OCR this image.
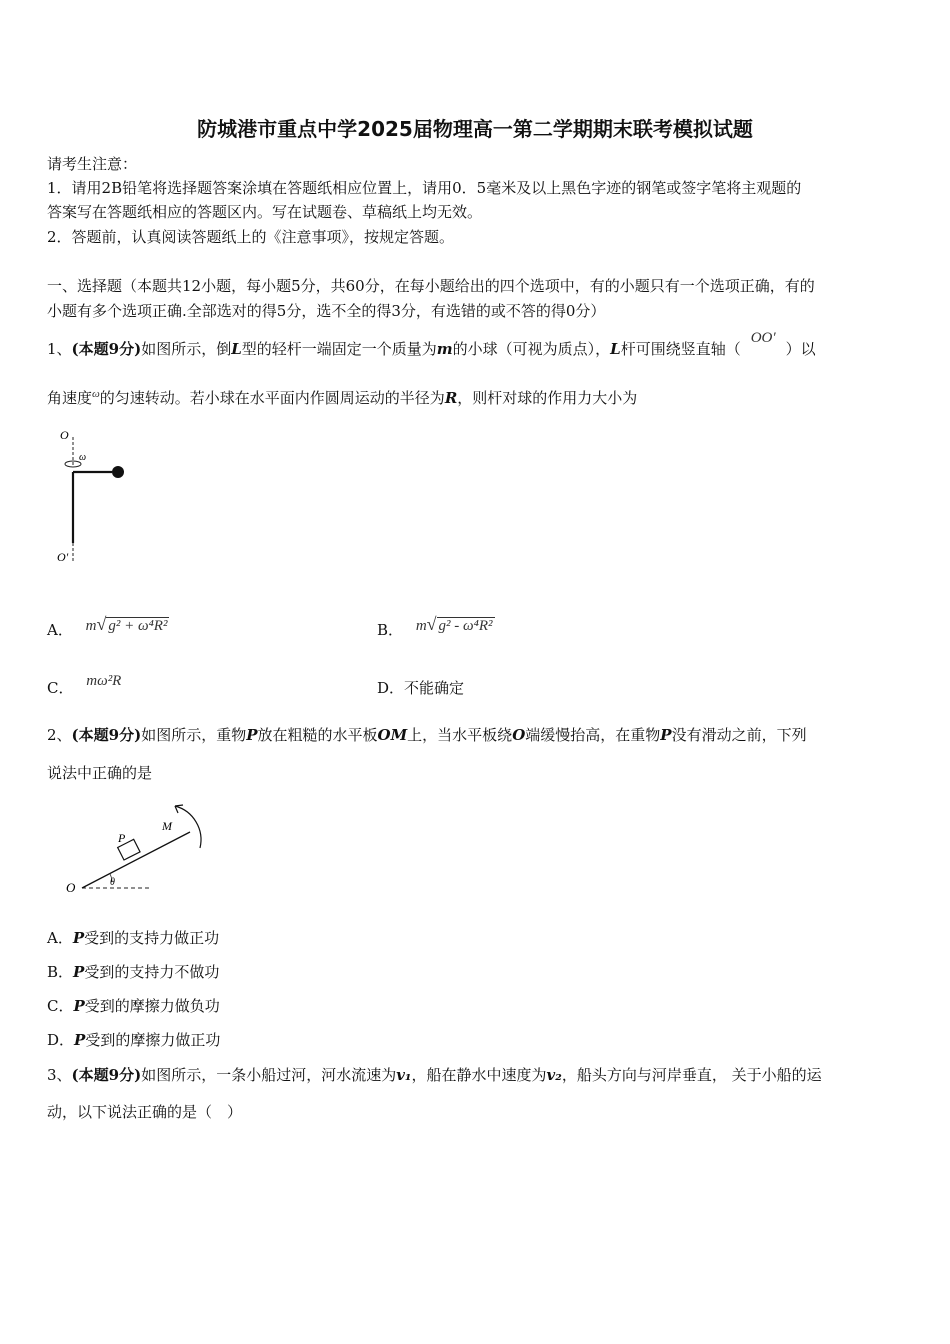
防城港市重点中学2025届物理高一第二学期期末联考模拟试题
请考生注意：
1．请用2B铅笔将选择题答案涂填在答题纸相应位置上，请用0．5毫米及以上黑色字迹的钢笔或签字笔将主观题的
答案写在答题纸相应的答题区内。写在试题卷、草稿纸上均无效。
2．答题前，认真阅读答题纸上的《注意事项》，按规定答题。
一、选择题（本题共12小题，每小题5分，共60分，在每小题给出的四个选项中，有的小题只有一个选项正确，有的
小题有多个选项正确.全部选对的得5分，选不全的得3分，有选错的或不答的得0分）
1、(本题9分)如图所示，倒L型的轻杆一端固定一个质量为m的小球（可视为质点），L杆可围绕竖直轴（OO′）以
角速度$^\omega$的匀速转动。若小球在水平面内作圆周运动的半径为R，则杆对球的作用力大小为
O
ω
O'
A． m√ g² + ω⁴R²	B． m√ g² - ω⁴R²
C． mω²R	D．不能确定
2、(本题9分)如图所示，重物P放在粗糙的水平板OM上，当水平板绕O端缓慢抬高，在重物P没有滑动之前，下列
说法中正确的是
θ
O
P
M
A．P受到的支持力做正功
B．P受到的支持力不做功
C．P受到的摩擦力做负功
D．P受到的摩擦力做正功
3、(本题9分)如图所示，一条小船过河，河水流速为v₁，船在静水中速度为v₂，船头方向与河岸垂直， 关于小船的运
动，以下说法正确的是（　）
